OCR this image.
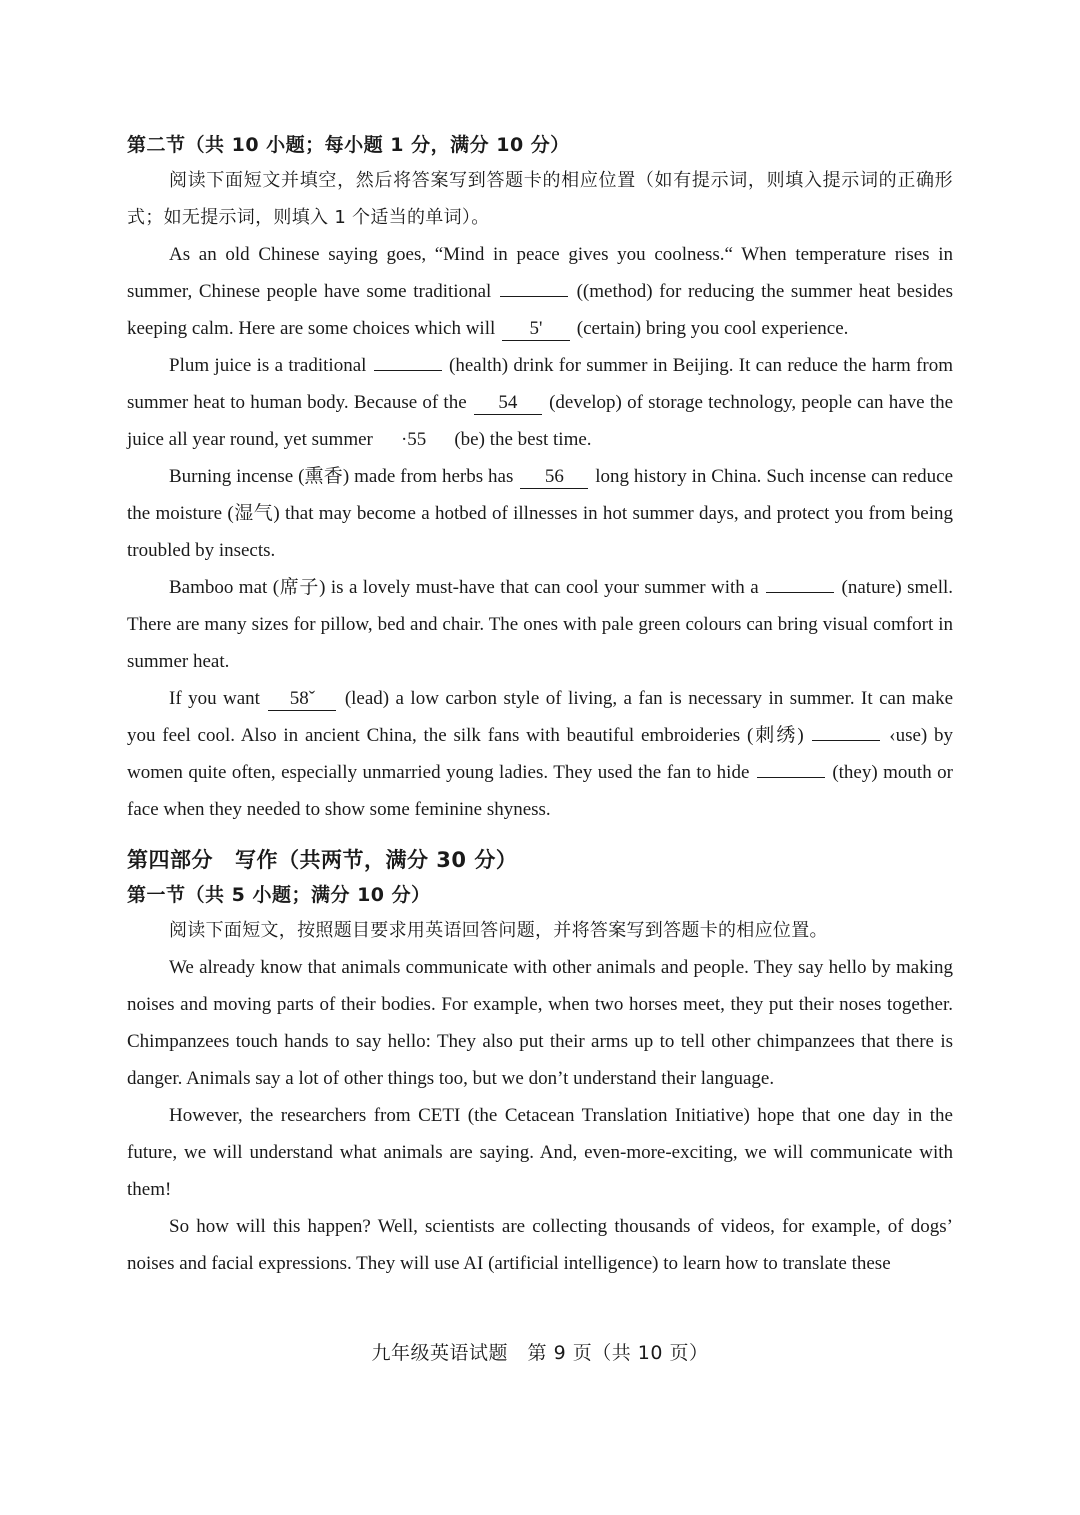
第二节（共 10 小题；每小题 1 分，满分 10 分）

阅读下面短文并填空，然后将答案写到答题卡的相应位置（如有提示词，则填入提示词的正确形式；如无提示词，则填入 1 个适当的单词）。

As an old Chinese saying goes, “Mind in peace gives you coolness.“ When temperature rises in summer, Chinese people have some traditional	((method) for reducing the summer heat besides keeping calm. Here are some choices which will 5' (certain) bring you cool experience.

Plum juice is a traditional	(health) drink for summer in Beijing. It can reduce the harm from summer heat to human body. Because of the 54 (develop) of storage technology, people can have the juice all year round, yet summer ·55 (be) the best time.

Burning incense (熏香) made from herbs has 56 long history in China. Such incense can reduce the moisture (湿气) that may become a hotbed of illnesses in hot summer days, and protect you from being troubled by insects.

Bamboo mat (席子) is a lovely must-have that can cool your summer with a	(nature) smell. There are many sizes for pillow, bed and chair. The ones with pale green colours can bring visual comfort in summer heat.

If you want 58ˇ (lead) a low carbon style of living, a fan is necessary in summer. It can make you feel cool. Also in ancient China, the silk fans with beautiful embroideries (刺绣)	‹use) by women quite often, especially unmarried young ladies. They used the fan to hide	(they) mouth or face when they needed to show some feminine shyness.

第四部分 写作（共两节，满分 30 分）
第一节（共 5 小题；满分 10 分）

阅读下面短文，按照题目要求用英语回答问题，并将答案写到答题卡的相应位置。

We already know that animals communicate with other animals and people. They say hello by making noises and moving parts of their bodies. For example, when two horses meet, they put their noses together. Chimpanzees touch hands to say hello: They also put their arms up to tell other chimpanzees that there is danger. Animals say a lot of other things too, but we don’t understand their language.

However, the researchers from CETI (the Cetacean Translation Initiative) hope that one day in the future, we will understand what animals are saying. And, even-more-exciting, we will communicate with them!

So how will this happen? Well, scientists are collecting thousands of videos, for example, of dogs’ noises and facial expressions. They will use AI (artificial intelligence) to learn how to translate these

九年级英语试题　第 9 页（共 10 页）
